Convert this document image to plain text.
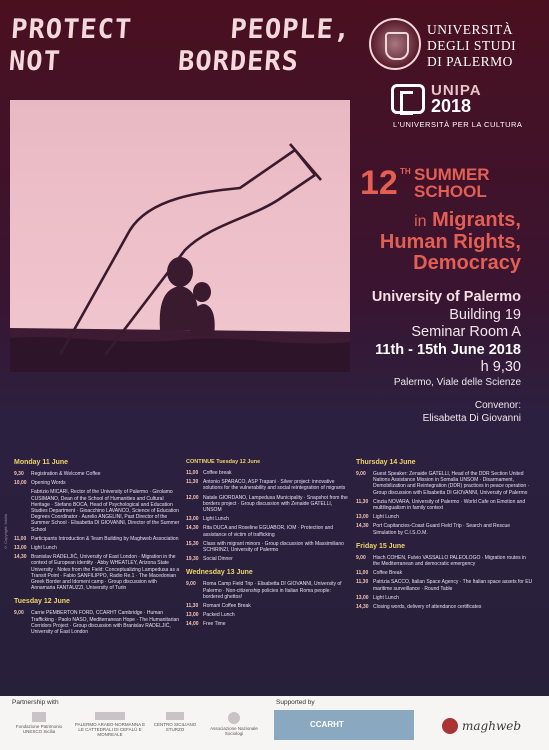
PROTECT	PEOPLE,
NOT	BORDERS
UNIVERSITÀ
DEGLI STUDI
DI PALERMO
UNIPA
2018
L'UNIVERSITÀ PER LA CULTURA
12 TH SUMMER
SCHOOL
in Migrants,
Human Rights,
Democracy
University of Palermo
Building 19
Seminar Room A
11th - 15th June 2018
h 9,30
Palermo, Viale delle Scienze
Convenor:
Elisabetta Di Giovanni
© Copyright: fotolia
Monday 11 June
9,30	Registration & Welcome Coffee
10,00 Opening Words
Fabrizio MICARI, Rector of the University of Palermo · Girolamo CUSIMANO, Dean of the School of Humanities and Cultural Heritage · Stefano BOCA, Head of Psychological and Education Studies Department · Gioacchino LAVANCO, Science of Education Degrees Coordinator · Aurelio ANGELINI, Past Director of the Summer School · Elisabetta DI GIOVANNI, Director of the Summer School
11,00 Participants Introduction & Team Building by Maghweb Association
13,00 Light Lunch
14,30 Branislav RADELJIĆ, University of East London · Migration in the context of European identity · Abby WHEATLEY, Arizona State University · Notes from the Field: Conceptualizing Lampedusa as a Transit Point · Fabio SANFILIPPO, Radio Re.1 · The Macedonian Greek Border and Idomeni camp · Group discussion with Annamaria FANTAUZZI, University of Turin
Tuesday 12 June
9,00	Carrie PEMBERTON FORD, CCARHT Cambridge · Human Trafficking · Paolo NASO, Mediterranean Hope · The Humanitarian Corridors Project · Group discussion with Branislav RADELJIĆ, University of East London
CONTINUE Tuesday 12 June
11,00 Coffee break
11,30 Antonio SPARACO, ASP Trapani · Silver project: innovative solutions for the vulnerability and social reintegration of migrants
12,00 Natale GIORDANO, Lampedusa Municipality · Snapshot from the borders project · Group discussion with Zenaide GATELLI, UNSOM
13,00 Light Lunch
14,30 Rita DUCA and Roseline EGUABOR, IOM · Protection and assistance of victim of trafficking
15,30 Class with migrant minors · Group discussion with Massimiliano SCHIRINZI, University of Palermo
19,30 Social Dinner
Wednesday 13 June
9,00	Roma Camp Field Trip · Elisabetta DI GIOVANNI, University of Palermo · Non-citizenship policies in Italian Roma people: bordered ghettos!
11,30 Romani Coffee Break
13,00 Packed Lunch
14,00 Free Time
Thursday 14 June
9,00	Guest Speaker: Zenaide GATELLI, Head of the DDR Section United Nations Assistance Mission in Somalia UNSOM · Disarmament, Demobilization and Reintegration (DDR) practices in peace operation · Group discussion with Elisabetta DI GIOVANNI, University of Palermo
11,30 Cinzia NOVARA, University of Palermo · World Cafe on Emotion and multilingualism in family context
13,00 Light Lunch
14,30 Port Capitancies-Coast Guard Field Trip · Search and Rescue Simulation by C.I.S.O.M.
Friday 15 June
9,00	Hisch COHEN, Fulvio VASSALLO PALEOLOGO · Migration routes in the Mediterranean and democratic emergency
11,00 Coffee Break
11,30 Patrizia SACCO, Italian Space Agency · The Italian space assets for EU maritime surveillance · Round Table
13,00 Light Lunch
14,30 Closing words, delivery of attendance certificates
Partnership with	Supported by
Fondazione Patrimonio UNESCO Sicilia
PALERMO ARABO-NORMANNA E LE CATTEDRALI DI CEFALÙ E MONREALE
CENTRO SICILIANO STURZO	Associazione Nazionale Sociologi
CCARHT	maghweb
